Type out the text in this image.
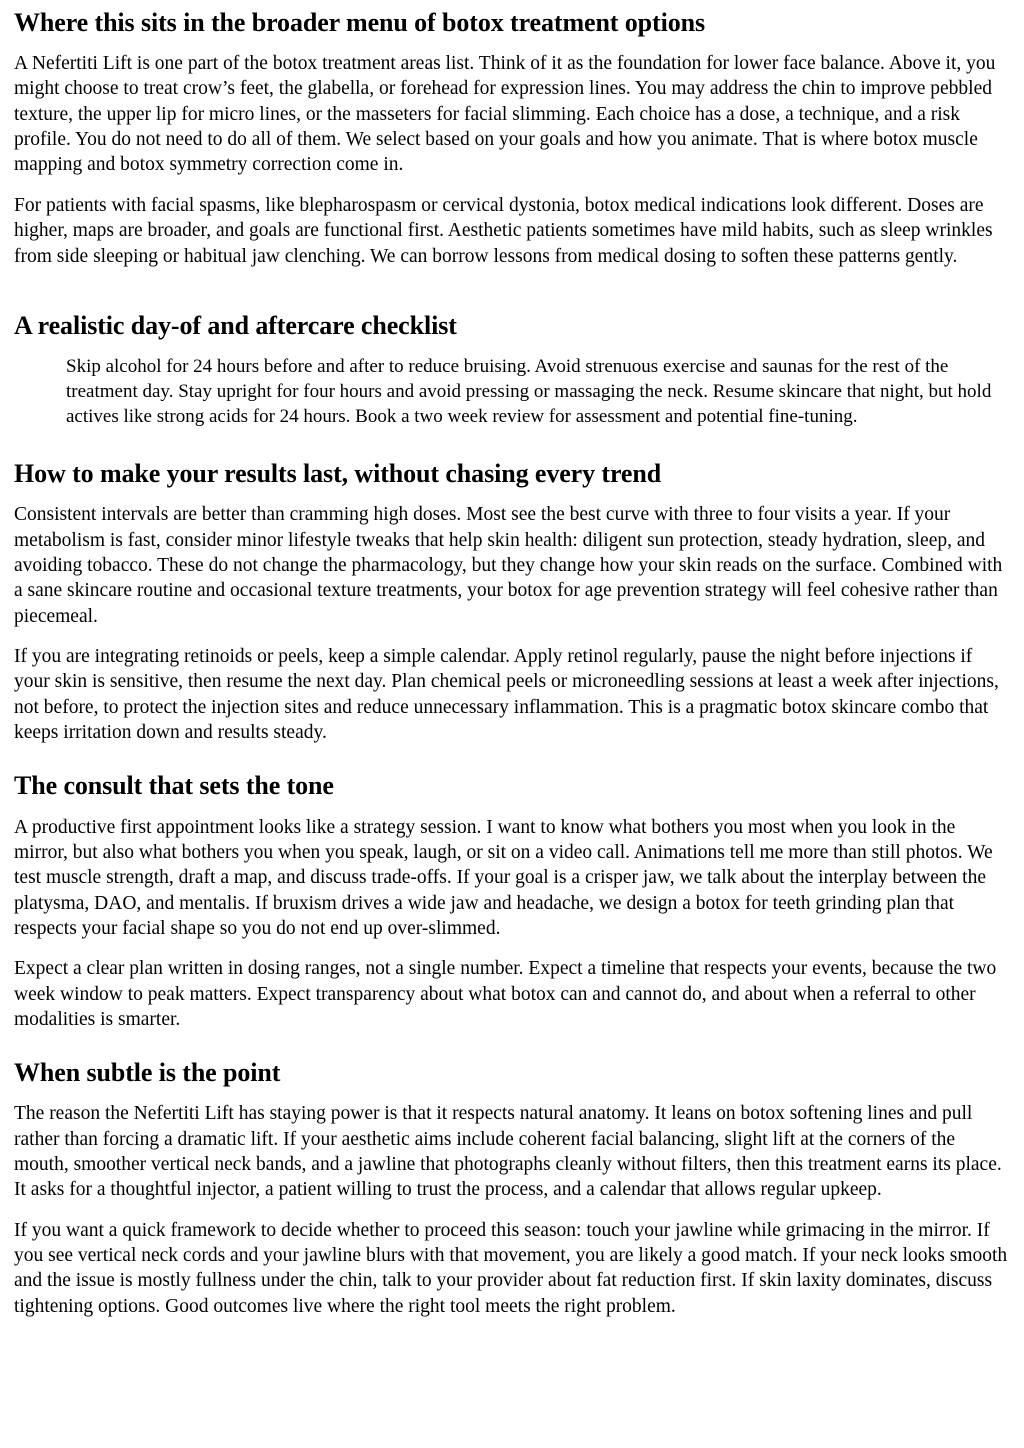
Where this sits in the broader menu of botox treatment options

A Nefertiti Lift is one part of the botox treatment areas list. Think of it as the foundation for lower face balance. Above it, you might choose to treat crow’s feet, the glabella, or forehead for expression lines. You may address the chin to improve pebbled texture, the upper lip for micro lines, or the masseters for facial slimming. Each choice has a dose, a technique, and a risk profile. You do not need to do all of them. We select based on your goals and how you animate. That is where botox muscle mapping and botox symmetry correction come in.

For patients with facial spasms, like blepharospasm or cervical dystonia, botox medical indications look different. Doses are higher, maps are broader, and goals are functional first. Aesthetic patients sometimes have mild habits, such as sleep wrinkles from side sleeping or habitual jaw clenching. We can borrow lessons from medical dosing to soften these patterns gently.

A realistic day-of and aftercare checklist

Skip alcohol for 24 hours before and after to reduce bruising. Avoid strenuous exercise and saunas for the rest of the treatment day. Stay upright for four hours and avoid pressing or massaging the neck. Resume skincare that night, but hold actives like strong acids for 24 hours. Book a two week review for assessment and potential fine-tuning.

How to make your results last, without chasing every trend

Consistent intervals are better than cramming high doses. Most see the best curve with three to four visits a year. If your metabolism is fast, consider minor lifestyle tweaks that help skin health: diligent sun protection, steady hydration, sleep, and avoiding tobacco. These do not change the pharmacology, but they change how your skin reads on the surface. Combined with a sane skincare routine and occasional texture treatments, your botox for age prevention strategy will feel cohesive rather than piecemeal.

If you are integrating retinoids or peels, keep a simple calendar. Apply retinol regularly, pause the night before injections if your skin is sensitive, then resume the next day. Plan chemical peels or microneedling sessions at least a week after injections, not before, to protect the injection sites and reduce unnecessary inflammation. This is a pragmatic botox skincare combo that keeps irritation down and results steady.

The consult that sets the tone

A productive first appointment looks like a strategy session. I want to know what bothers you most when you look in the mirror, but also what bothers you when you speak, laugh, or sit on a video call. Animations tell me more than still photos. We test muscle strength, draft a map, and discuss trade-offs. If your goal is a crisper jaw, we talk about the interplay between the platysma, DAO, and mentalis. If bruxism drives a wide jaw and headache, we design a botox for teeth grinding plan that respects your facial shape so you do not end up over-slimmed.

Expect a clear plan written in dosing ranges, not a single number. Expect a timeline that respects your events, because the two week window to peak matters. Expect transparency about what botox can and cannot do, and about when a referral to other modalities is smarter.

When subtle is the point

The reason the Nefertiti Lift has staying power is that it respects natural anatomy. It leans on botox softening lines and pull rather than forcing a dramatic lift. If your aesthetic aims include coherent facial balancing, slight lift at the corners of the mouth, smoother vertical neck bands, and a jawline that photographs cleanly without filters, then this treatment earns its place. It asks for a thoughtful injector, a patient willing to trust the process, and a calendar that allows regular upkeep.

If you want a quick framework to decide whether to proceed this season: touch your jawline while grimacing in the mirror. If you see vertical neck cords and your jawline blurs with that movement, you are likely a good match. If your neck looks smooth and the issue is mostly fullness under the chin, talk to your provider about fat reduction first. If skin laxity dominates, discuss tightening options. Good outcomes live where the right tool meets the right problem.
